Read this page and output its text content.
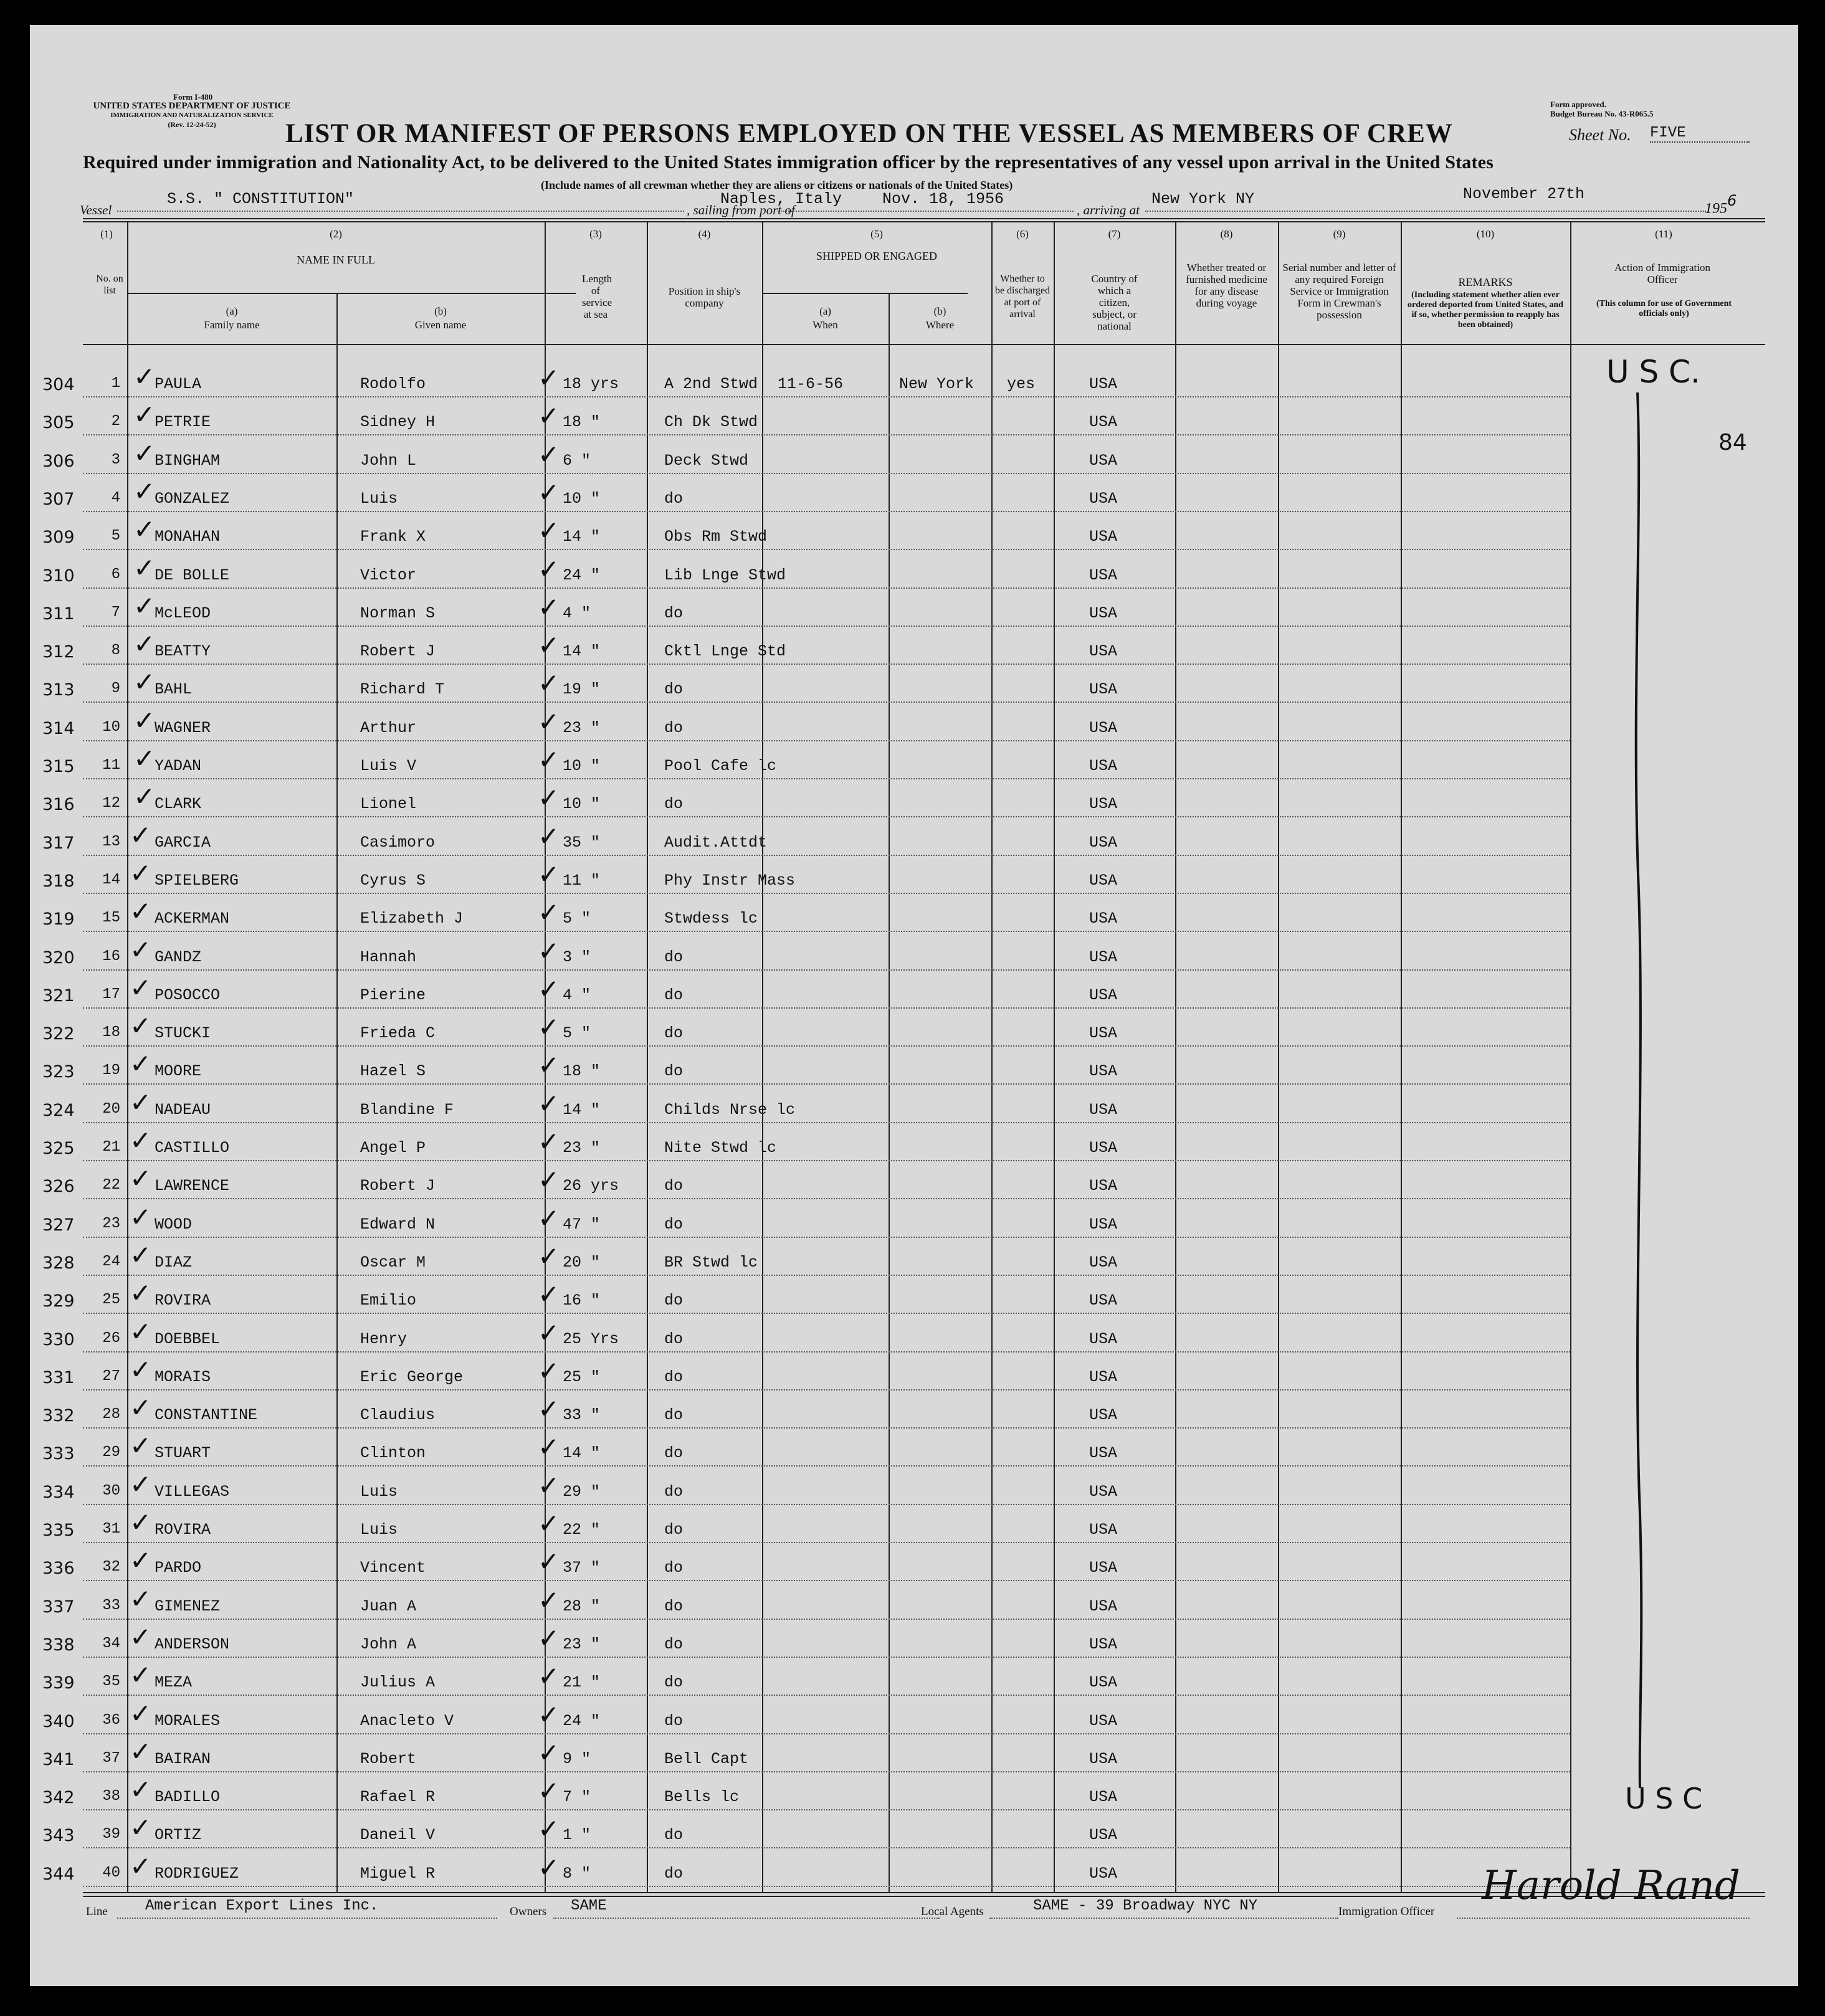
Form I-480
UNITED STATES DEPARTMENT OF JUSTICE
IMMIGRATION AND NATURALIZATION SERVICE
(Rev. 12-24-52)
Form approved.
Budget Bureau No. 43-R065.5
LIST OR MANIFEST OF PERSONS EMPLOYED ON THE VESSEL AS MEMBERS OF CREW	Sheet No. FIVE
Required under immigration and Nationality Act, to be delivered to the United States immigration officer by the representatives of any vessel upon arrival in the United States
(Include names of all crewman whether they are aliens or citizens or nationals of the United States)
Vessel
S.S. " CONSTITUTION"
, sailing from port of
Naples, Italy	Nov. 18, 1956
, arriving at
New York NY	November 27th
1956
(1)
No. on list
(2)
NAME IN FULL
(a)
Family name
(b)
Given name
(3)
Length of service at sea
(4)
Position in ship's company
(5)
SHIPPED OR ENGAGED
(a)
When
(b)
Where
(6)
Whether to be discharged at port of arrival
(7)
Country of which a citizen, subject, or national
(8)
Whether treated or furnished medicine for any disease during voyage
(9)
Serial number and letter of any required Foreign Service or Immigration Form in Crewman's possession
(10)
REMARKS
(Including statement whether alien ever ordered deported from United States, and if so, whether permission to reapply has been obtained)
(11)
Action of Immigration Officer
(This column for use of Government officials only)
304	1 PAULA	Rodolfo	18 yrs	A 2nd Stwd 11-6-56	New York yes	USA
✓	✓
305	2 PETRIE	Sidney H	18 "	Ch Dk Stwd	USA
✓	✓
306	3 BINGHAM	John L	6 "	Deck Stwd	USA
✓	✓
307	4 GONZALEZ	Luis	10 "	do	USA
✓	✓
309	5 MONAHAN	Frank X	14 "	Obs Rm Stwd	USA
✓	✓
310	6 DE BOLLE	Victor	24 "	Lib Lnge Stwd	USA
✓	✓
311	7 McLEOD	Norman S	4 "	do	USA
✓	✓
312	8 BEATTY	Robert J	14 "	Cktl Lnge Std	USA
✓	✓
313	9 BAHL	Richard T	19 "	do	USA
✓	✓
314	10 WAGNER	Arthur	23 "	do	USA
✓	✓
315	11 YADAN	Luis V	10 "	Pool Cafe lc	USA
✓	✓
316	12 CLARK	Lionel	10 "	do	USA
✓	✓
317	13 GARCIA	Casimoro	35 "	Audit.Attdt	USA
✓	✓
318	14 SPIELBERG	Cyrus S	11 "	Phy Instr Mass	USA
✓	✓
319	15 ACKERMAN	Elizabeth J	5 "	Stwdess lc	USA
✓	✓
320	16 GANDZ	Hannah	3 "	do	USA
✓	✓
321	17 POSOCCO	Pierine	4 "	do	USA
✓	✓
322	18 STUCKI	Frieda C	5 "	do	USA
✓	✓
323	19 MOORE	Hazel S	18 "	do	USA
✓	✓
324	20 NADEAU	Blandine F	14 "	Childs Nrse lc	USA
✓	✓
325	21 CASTILLO	Angel P	23 "	Nite Stwd lc	USA
✓	✓
326	22 LAWRENCE	Robert J	26 yrs	do	USA
✓	✓
327	23 WOOD	Edward N	47 "	do	USA
✓	✓
328	24 DIAZ	Oscar M	20 "	BR Stwd lc	USA
✓	✓
329	25 ROVIRA	Emilio	16 "	do	USA
✓	✓
330	26 DOEBBEL	Henry	25 Yrs	do	USA
✓	✓
331	27 MORAIS	Eric George	25 "	do	USA
✓	✓
332	28 CONSTANTINE	Claudius	33 "	do	USA
✓	✓
333	29 STUART	Clinton	14 "	do	USA
✓	✓
334	30 VILLEGAS	Luis	29 "	do	USA
✓	✓
335	31 ROVIRA	Luis	22 "	do	USA
✓	✓
336	32 PARDO	Vincent	37 "	do	USA
✓	✓
337	33 GIMENEZ	Juan A	28 "	do	USA
✓	✓
338	34 ANDERSON	John A	23 "	do	USA
✓	✓
339	35 MEZA	Julius A	21 "	do	USA
✓	✓
340	36 MORALES	Anacleto V	24 "	do	USA
✓	✓
341	37 BAIRAN	Robert	9 "	Bell Capt	USA
✓	✓
342	38 BADILLO	Rafael R	7 "	Bells lc	USA
✓	✓
343	39 ORTIZ	Daneil V	1 "	do	USA
✓	✓
344	40 RODRIGUEZ	Miguel R	8 "	do	USA
✓	✓
U S C.
84
U S C
Line	American Export Lines Inc.	Owners SAME	Local Agents	SAME - 39 Broadway NYC NY	Immigration Officer
Harold Rand
